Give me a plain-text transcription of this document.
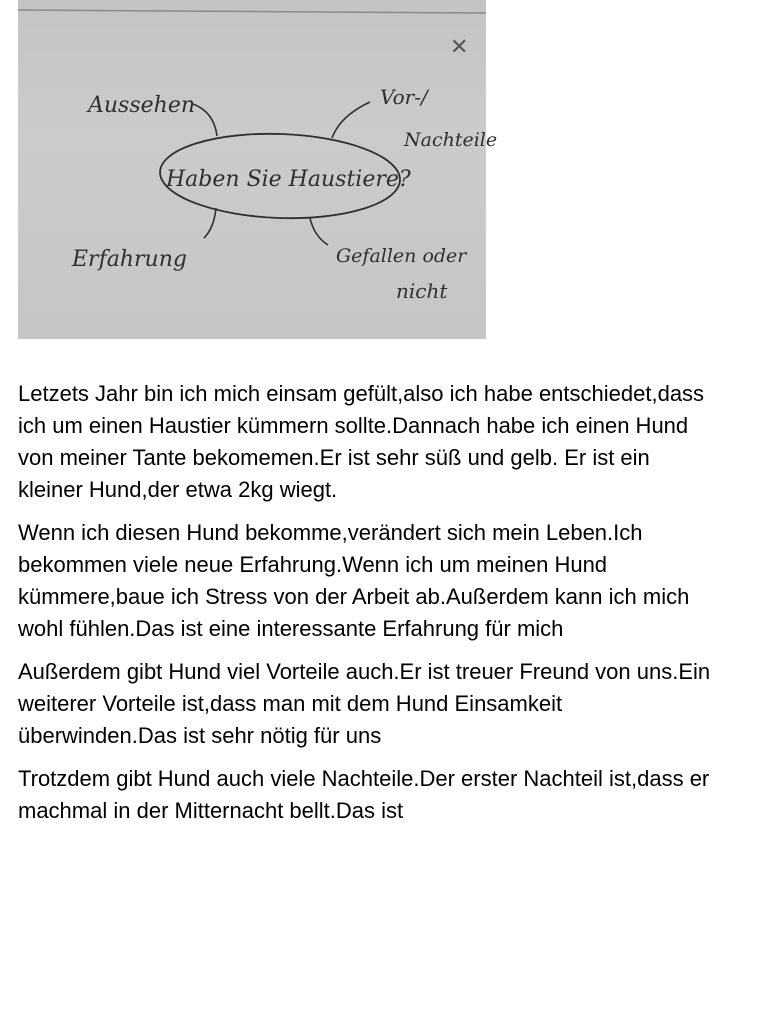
✕
Haben Sie Haustiere?
Aussehen	Vor-/
Nachteile
Erfahrung	Gefallen oder
nicht

Letzets Jahr bin ich mich einsam gefült,also ich habe entschiedet,dass ich um einen Haustier kümmern sollte.Dannach habe ich einen Hund von meiner Tante bekomemen.Er ist sehr süß und gelb. Er ist ein kleiner Hund,der etwa 2kg wiegt.

Wenn ich diesen Hund bekomme,verändert sich mein Leben.Ich bekommen viele neue Erfahrung.Wenn ich um meinen Hund kümmere,baue ich Stress von der Arbeit ab.Außerdem kann ich mich wohl fühlen.Das ist eine interessante Erfahrung für mich

Außerdem gibt Hund viel Vorteile auch.Er ist treuer Freund von uns.Ein weiterer Vorteile ist,dass man mit dem Hund Einsamkeit überwinden.Das ist sehr nötig für uns

Trotzdem gibt Hund auch viele Nachteile.Der erster Nachteil ist,dass er machmal in der Mitternacht bellt.Das ist
